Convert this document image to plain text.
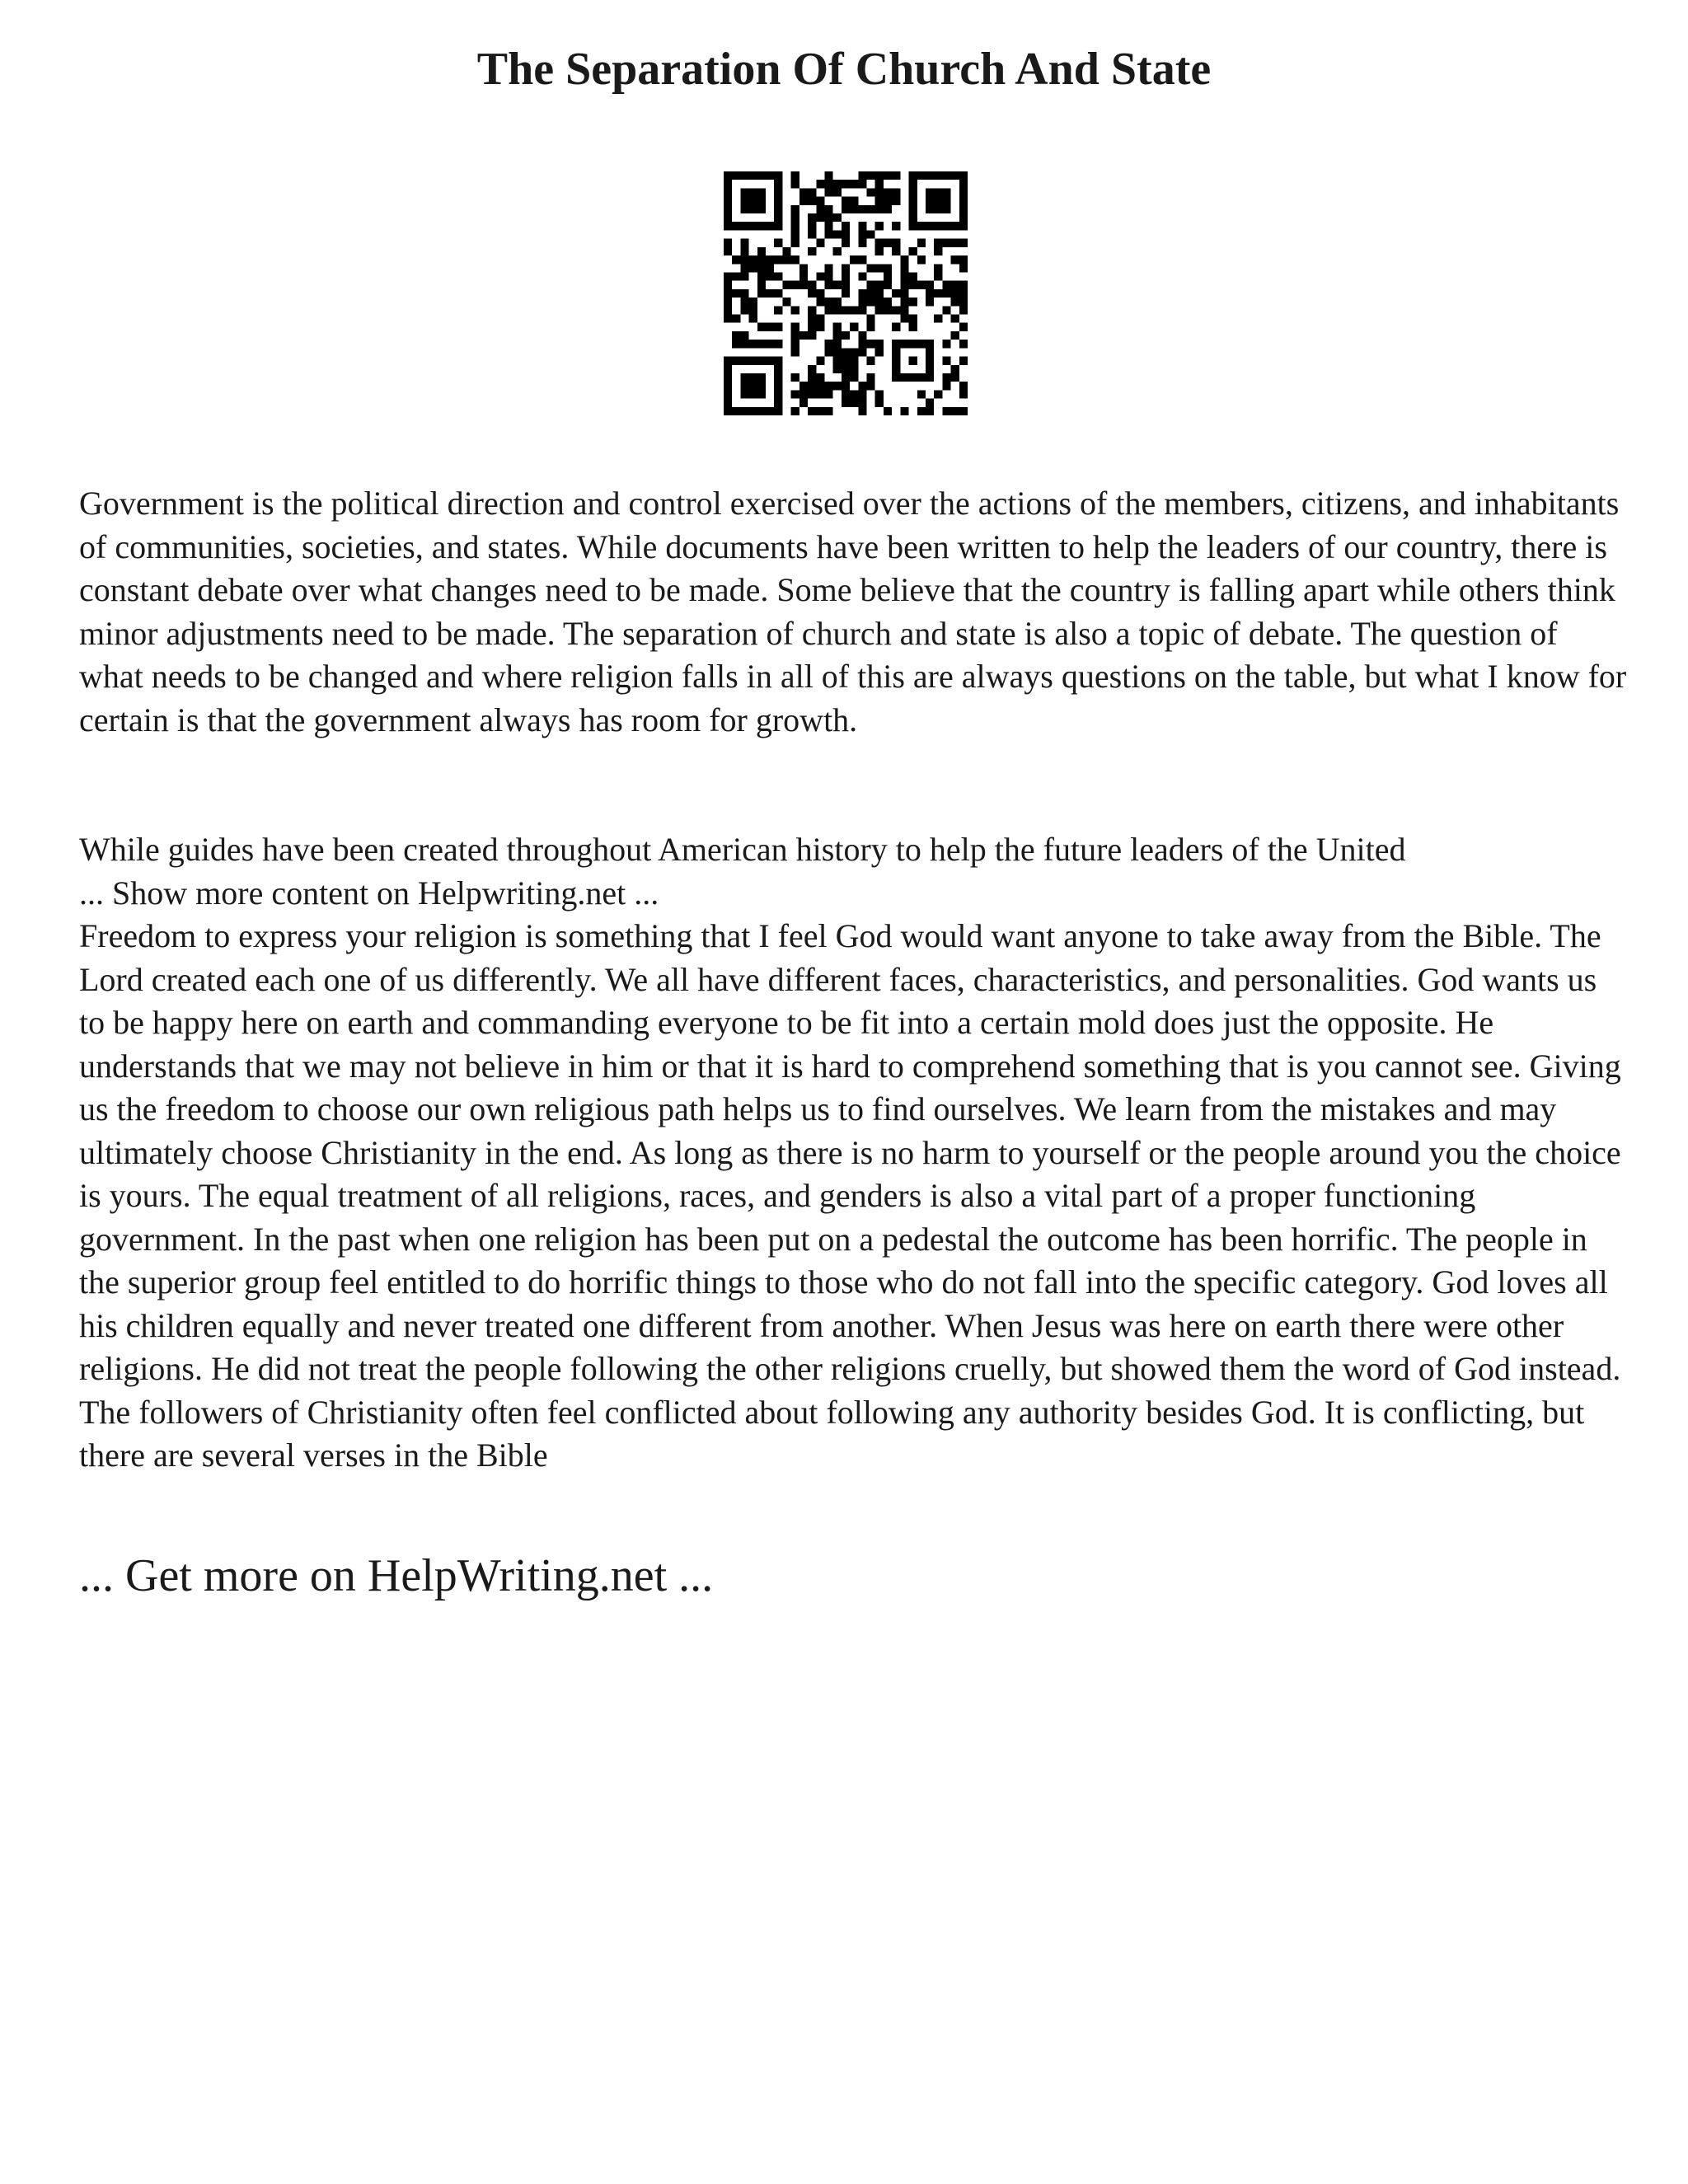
The Separation Of Church And State

Government is the political direction and control exercised over the actions of the members, citizens, and inhabitants of communities, societies, and states. While documents have been written to help the leaders of our country, there is constant debate over what changes need to be made. Some believe that the country is falling apart while others think minor adjustments need to be made. The separation of church and state is also a topic of debate. The question of what needs to be changed and where religion falls in all of this are always questions on the table, but what I know for certain is that the government always has room for growth.

While guides have been created throughout American history to help the future leaders of the United
... Show more content on Helpwriting.net ...
Freedom to express your religion is something that I feel God would want anyone to take away from the Bible. The Lord created each one of us differently. We all have different faces, characteristics, and personalities. God wants us to be happy here on earth and commanding everyone to be fit into a certain mold does just the opposite. He understands that we may not believe in him or that it is hard to comprehend something that is you cannot see. Giving us the freedom to choose our own religious path helps us to find ourselves. We learn from the mistakes and may ultimately choose Christianity in the end. As long as there is no harm to yourself or the people around you the choice is yours. The equal treatment of all religions, races, and genders is also a vital part of a proper functioning government. In the past when one religion has been put on a pedestal the outcome has been horrific. The people in the superior group feel entitled to do horrific things to those who do not fall into the specific category. God loves all his children equally and never treated one different from another. When Jesus was here on earth there were other religions. He did not treat the people following the other religions cruelly, but showed them the word of God instead. The followers of Christianity often feel conflicted about following any authority besides God. It is conflicting, but there are several verses in the Bible

... Get more on HelpWriting.net ...
